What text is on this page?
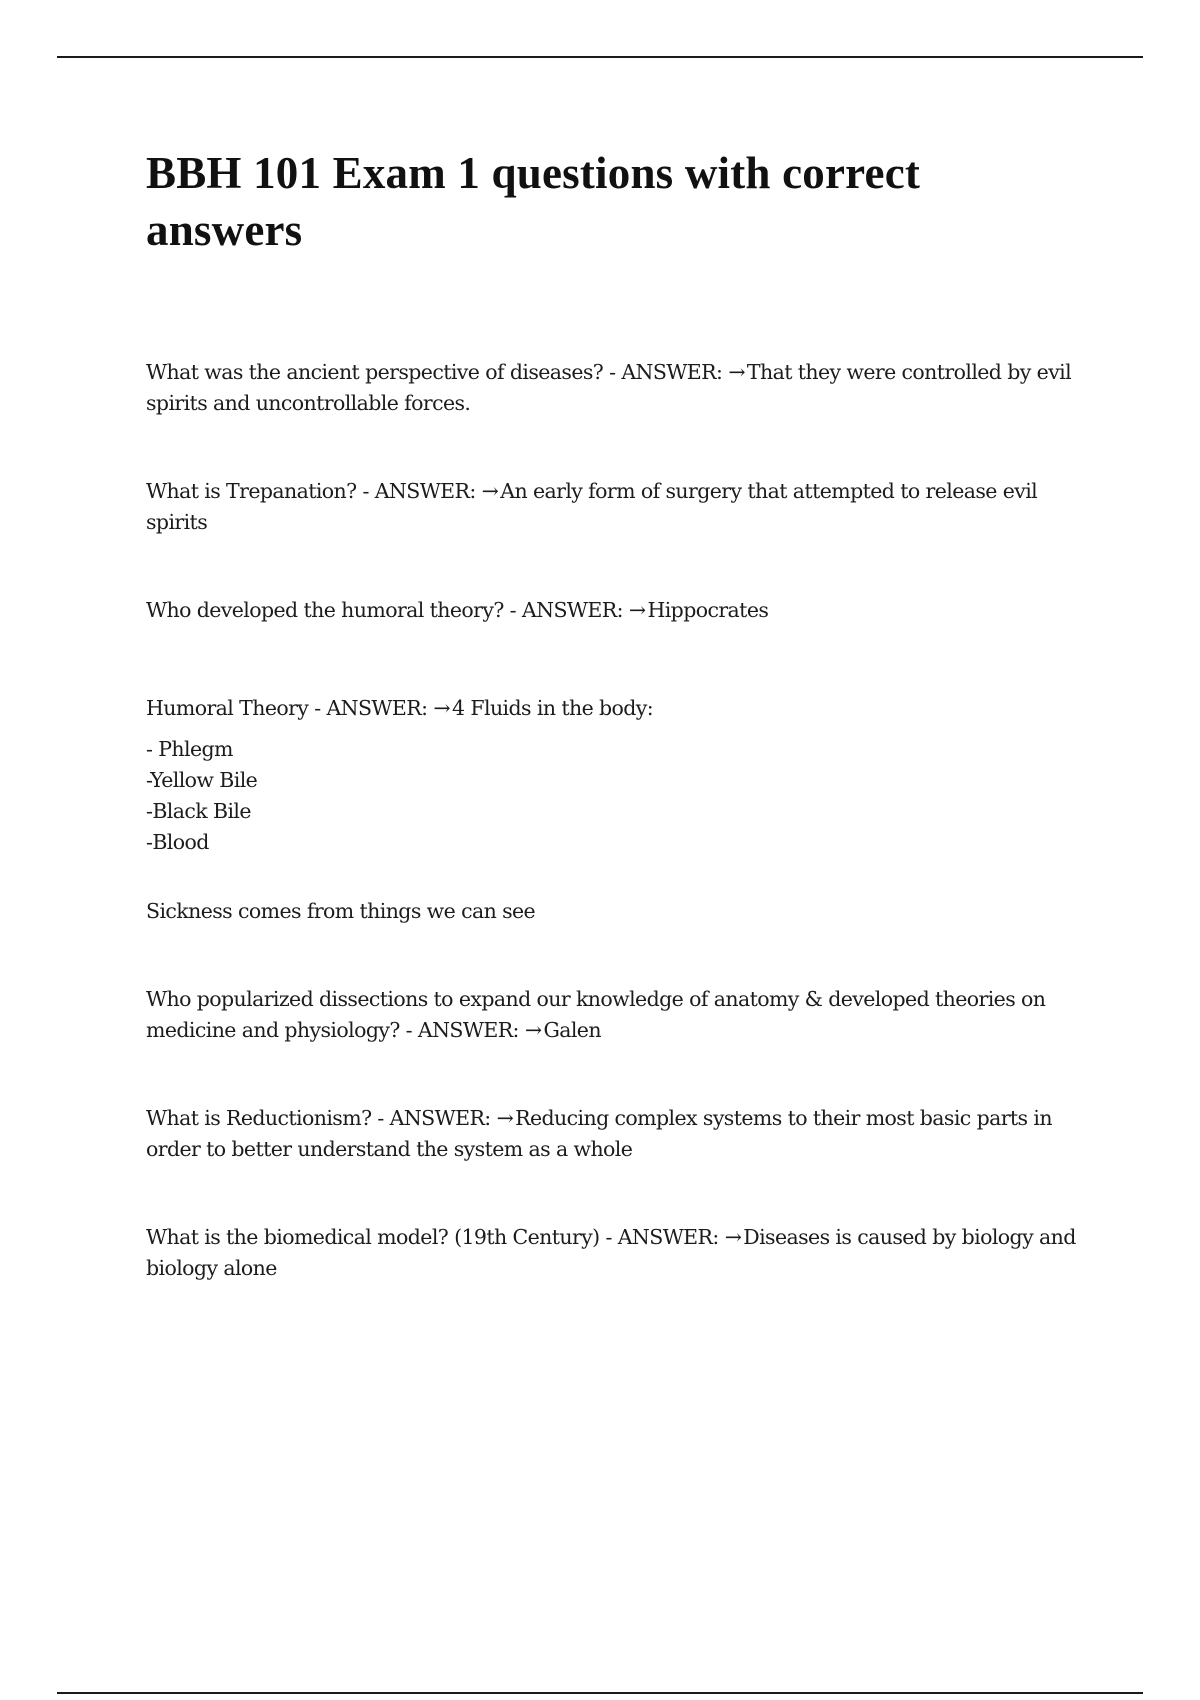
BBH 101 Exam 1 questions with correct answers

What was the ancient perspective of diseases? - ANSWER: →That they were controlled by evil spirits and uncontrollable forces.

What is Trepanation? - ANSWER: →An early form of surgery that attempted to release evil spirits

Who developed the humoral theory? - ANSWER: →Hippocrates

Humoral Theory - ANSWER: →4 Fluids in the body:

- Phlegm

-Yellow Bile

-Black Bile

-Blood

Sickness comes from things we can see

Who popularized dissections to expand our knowledge of anatomy & developed theories on medicine and physiology? - ANSWER: →Galen

What is Reductionism? - ANSWER: →Reducing complex systems to their most basic parts in order to better understand the system as a whole

What is the biomedical model? (19th Century) - ANSWER: →Diseases is caused by biology and biology alone
